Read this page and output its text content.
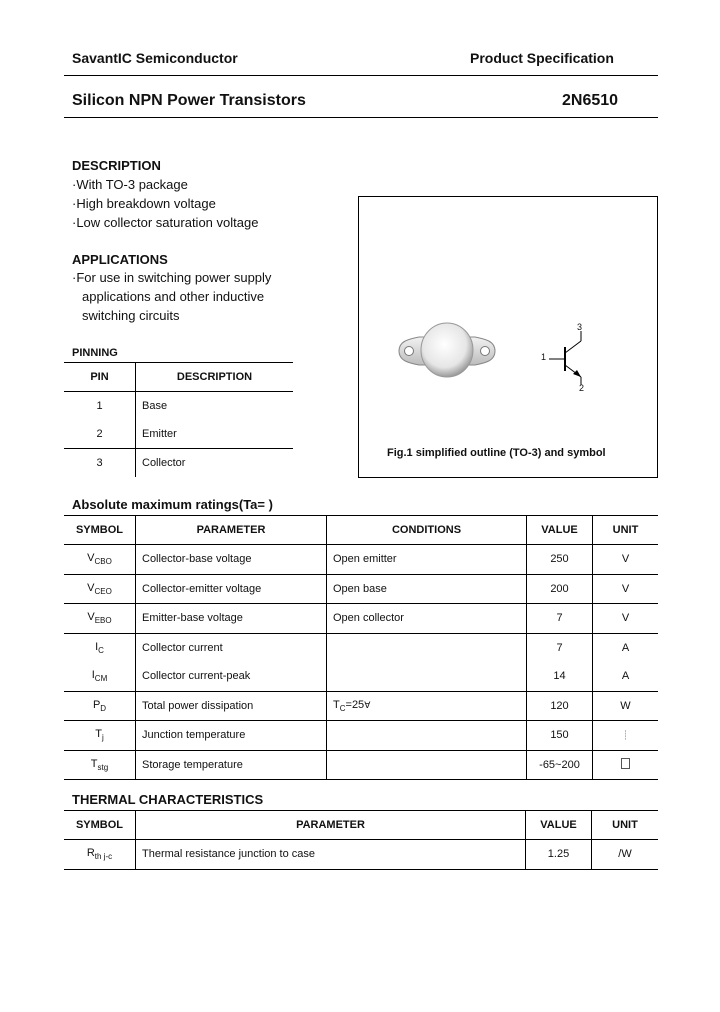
SavantIC Semiconductor	Product Specification
Silicon NPN Power Transistors	2N6510
DESCRIPTION
·With TO-3 package
·High breakdown voltage
·Low collector saturation voltage
APPLICATIONS
·For use in switching power supply
applications and other inductive
switching circuits
PINNING
PIN	DESCRIPTION
1	Base
2	Emitter
3	Collector
1
2
3
Fig.1 simplified outline (TO-3) and symbol
Absolute maximum ratings(Ta= )
SYMBOL	PARAMETER	CONDITIONS	VALUE	UNIT
$V_{CBO}$	Collector-base voltage	Open emitter	250	V
$V_{CEO}$	Collector-emitter voltage	Open base	200	V
$V_{EBO}$	Emitter-base voltage	Open collector	7	V
$I_C$	Collector current		7	A
$I_{CM}$	Collector current-peak		14	A
$P_D$	Total power dissipation	$T_C=25\forall$	120	W
$T_j$	Junction temperature		150	┊
$T_{stg}$	Storage temperature		-65~200	
THERMAL CHARACTERISTICS
SYMBOL	PARAMETER	VALUE	UNIT
$R_{th j-c}$	Thermal resistance junction to case	1.25	/W
